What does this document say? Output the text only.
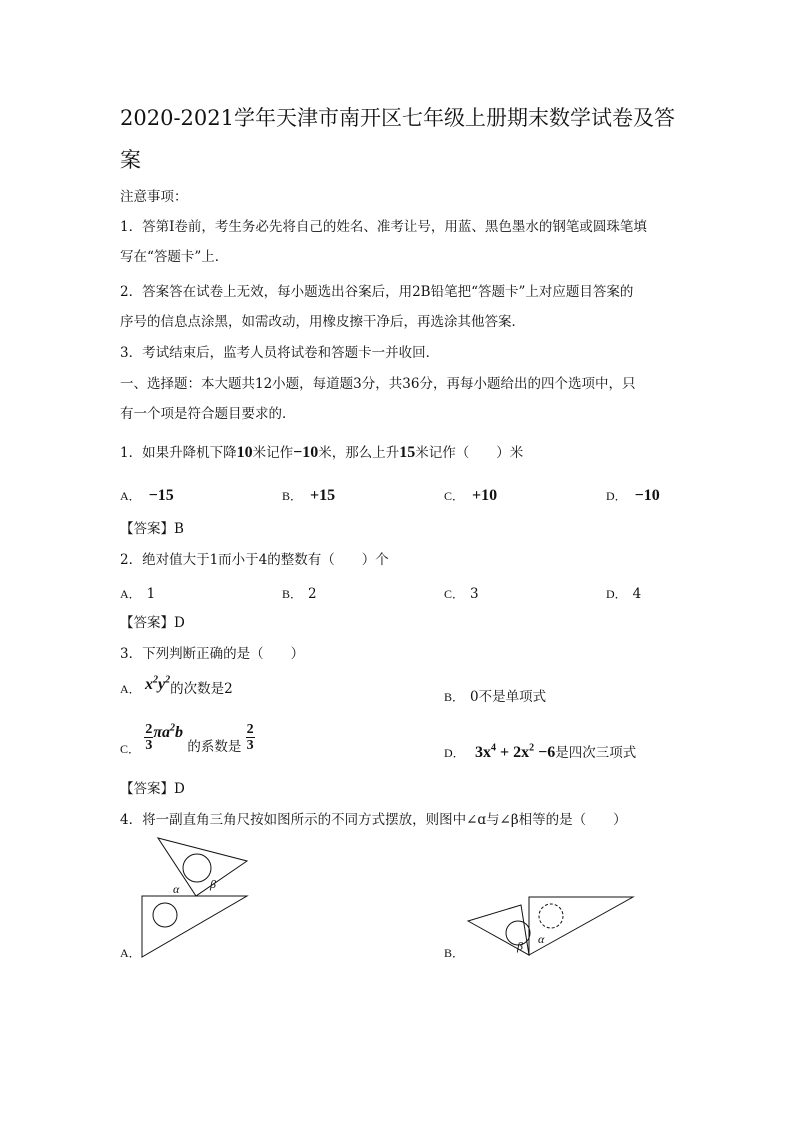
2020-2021学年天津市南开区七年级上册期末数学试卷及答
案
注意事项：
1．答第Ⅰ卷前，考生务必先将自己的姓名、准考让号，用蓝、黑色墨水的钢笔或圆珠笔填
写在“答题卡”上．
2．答案答在试卷上无效，每小题选出谷案后，用2B铅笔把“答题卡”上对应题目答案的
序号的信息点涂黑，如需改动，用橡皮擦干净后，再选涂其他答案．
3．考试结束后，监考人员将试卷和答题卡一并收回．
一、选择题：本大题共12小题，每道题3分，共36分，再每小题给出的四个选项中，只
有一个项是符合题目要求的．
1．如果升降机下降10米记作−10米，那么上升15米记作（　　）米
A． −15	B． +15	C． +10	D． −10
【答案】B
2．绝对值大于1而小于4的整数有（　　）个
A． 1	B． 2	C． 3	D． 4
【答案】D
3．下列判断正确的是（　　）
A． $x^2y^2$的次数是2	B． 0不是单项式
C． $\frac{2}{3} \pi a^2b$ 的系数是 $\frac{2}{3}$	D． $3x^4 + 2x^2 -6$是四次三项式
【答案】D
4．将一副直角三角尺按如图所示的不同方式摆放，则图中∠ɑ与∠β相等的是（　　）
α	β
A．	β α
B．
